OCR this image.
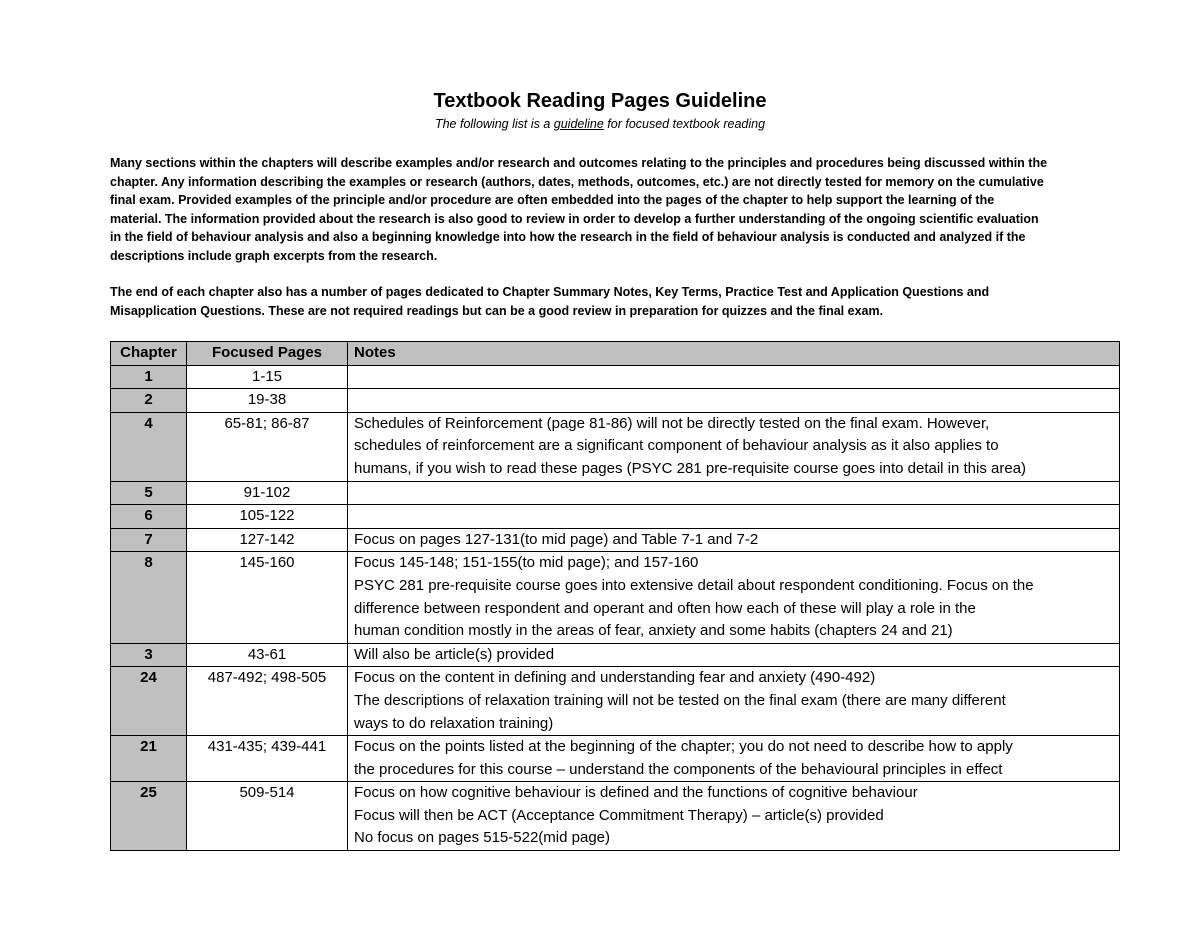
Textbook Reading Pages Guideline
The following list is a guideline for focused textbook reading
Many sections within the chapters will describe examples and/or research and outcomes relating to the principles and procedures being discussed within the
chapter. Any information describing the examples or research (authors, dates, methods, outcomes, etc.) are not directly tested for memory on the cumulative
final exam. Provided examples of the principle and/or procedure are often embedded into the pages of the chapter to help support the learning of the
material. The information provided about the research is also good to review in order to develop a further understanding of the ongoing scientific evaluation
in the field of behaviour analysis and also a beginning knowledge into how the research in the field of behaviour analysis is conducted and analyzed if the
descriptions include graph excerpts from the research.
The end of each chapter also has a number of pages dedicated to Chapter Summary Notes, Key Terms, Practice Test and Application Questions and
Misapplication Questions. These are not required readings but can be a good review in preparation for quizzes and the final exam.
Chapter	Focused Pages	Notes
1	1-15	
2	19-38	
4	65-81; 86-87	Schedules of Reinforcement (page 81-86) will not be directly tested on the final exam. However,
schedules of reinforcement are a significant component of behaviour analysis as it also applies to
humans, if you wish to read these pages (PSYC 281 pre-requisite course goes into detail in this area)

5	91-102	
6	105-122	
7	127-142	Focus on pages 127-131(to mid page) and Table 7-1 and 7-2

8	145-160	Focus 145-148; 151-155(to mid page); and 157-160
PSYC 281 pre-requisite course goes into extensive detail about respondent conditioning. Focus on the
difference between respondent and operant and often how each of these will play a role in the
human condition mostly in the areas of fear, anxiety and some habits (chapters 24 and 21)

3	43-61	Will also be article(s) provided

24	487-492; 498-505	Focus on the content in defining and understanding fear and anxiety (490-492)
The descriptions of relaxation training will not be tested on the final exam (there are many different
ways to do relaxation training)

21	431-435; 439-441	Focus on the points listed at the beginning of the chapter; you do not need to describe how to apply
the procedures for this course – understand the components of the behavioural principles in effect

25	509-514	Focus on how cognitive behaviour is defined and the functions of cognitive behaviour
Focus will then be ACT (Acceptance Commitment Therapy) – article(s) provided
No focus on pages 515-522(mid page)
